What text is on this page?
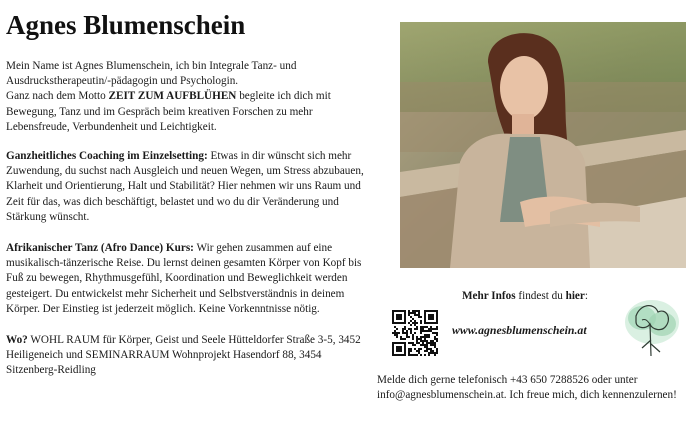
Agnes Blumenschein

Mein Name ist Agnes Blumenschein, ich bin Integrale Tanz- und Ausdruckstherapeutin/-pädagogin und Psychologin.
Ganz nach dem Motto ZEIT ZUM AUFBLÜHEN begleite ich dich mit Bewegung, Tanz und im Gespräch beim kreativen Forschen zu mehr Lebensfreude, Verbundenheit und Leichtigkeit.

Ganzheitliches Coaching im Einzelsetting: Etwas in dir wünscht sich mehr Zuwendung, du suchst nach Ausgleich und neuen Wegen, um Stress abzubauen, Klarheit und Orientierung, Halt und Stabilität? Hier nehmen wir uns Raum und Zeit für das, was dich beschäftigt, belastet und wo du dir Veränderung und Stärkung wünscht.

Afrikanischer Tanz (Afro Dance) Kurs: Wir gehen zusammen auf eine musikalisch-tänzerische Reise. Du lernst deinen gesamten Körper von Kopf bis Fuß zu bewegen, Rhythmusgefühl, Koordination und Beweglichkeit werden gesteigert. Du entwickelst mehr Sicherheit und Selbstverständnis in deinem Körper. Der Einstieg ist jederzeit möglich. Keine Vorkenntnisse nötig.

Wo? WOHL RAUM für Körper, Geist und Seele Hütteldorfer Straße 3-5, 3452 Heiligeneich und SEMINARRAUM Wohnprojekt Hasendorf 88, 3454 Sitzenberg-Reidling

Mehr Infos findest du hier:
www.agnesblumenschein.at
Melde dich gerne telefonisch +43 650 7288526 oder unter info@agnesblumenschein.at. Ich freue mich, dich kennenzulernen!
